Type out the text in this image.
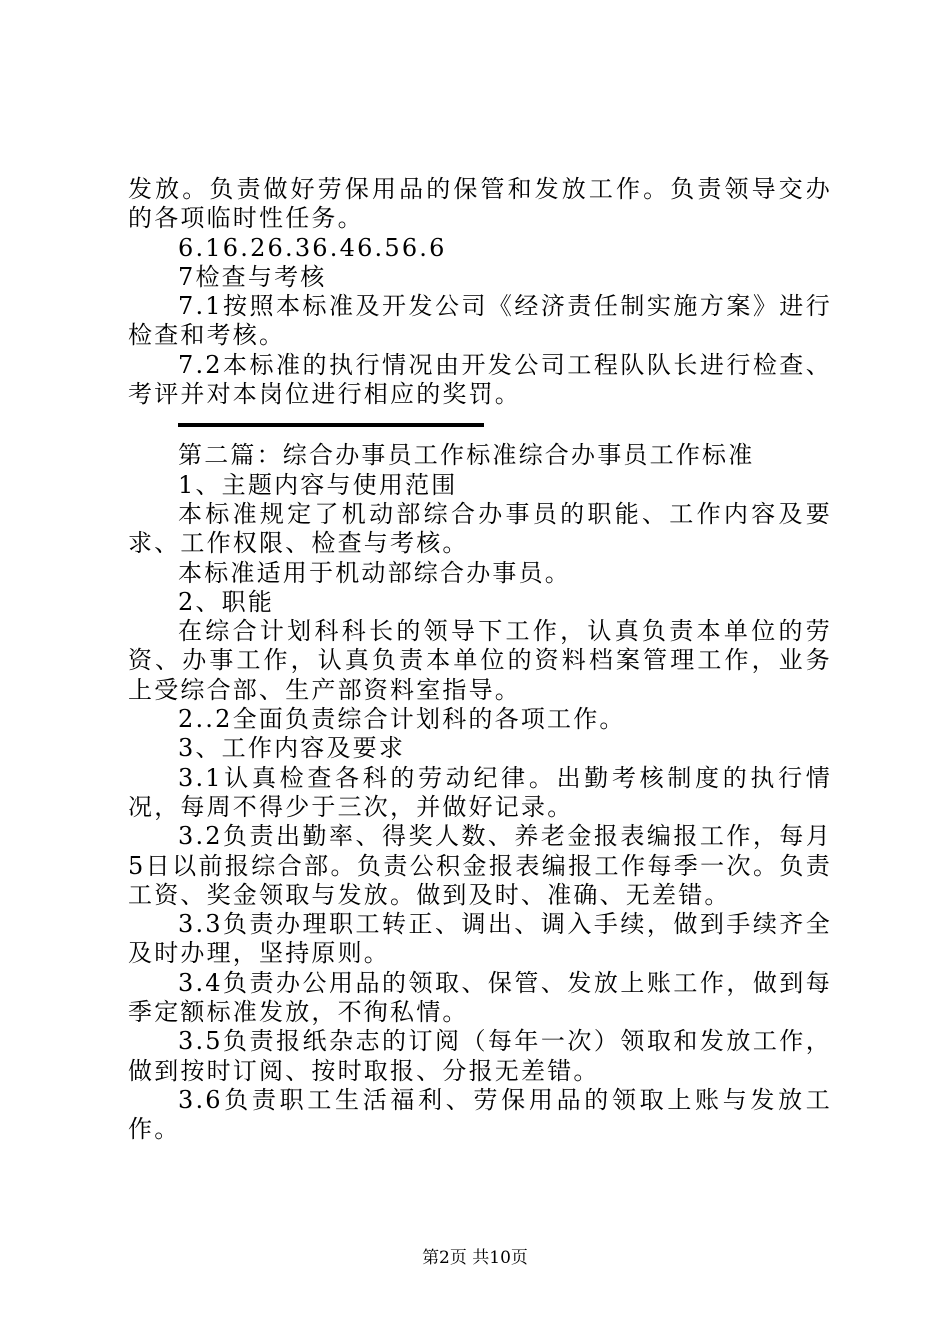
发放。负责做好劳保用品的保管和发放工作。负责领导交办的各项临时性任务。

6.16.26.36.46.56.6

7检查与考核

7.1按照本标准及开发公司《经济责任制实施方案》进行检查和考核。

7.2本标准的执行情况由开发公司工程队队长进行检查、考评并对本岗位进行相应的奖罚。

第二篇：综合办事员工作标准综合办事员工作标准

1、主题内容与使用范围

本标准规定了机动部综合办事员的职能、工作内容及要求、工作权限、检查与考核。

本标准适用于机动部综合办事员。

2、职能

在综合计划科科长的领导下工作，认真负责本单位的劳资、办事工作，认真负责本单位的资料档案管理工作，业务上受综合部、生产部资料室指导。

2..2全面负责综合计划科的各项工作。

3、工作内容及要求

3.1认真检查各科的劳动纪律。出勤考核制度的执行情况，每周不得少于三次，并做好记录。

3.2负责出勤率、得奖人数、养老金报表编报工作，每月5日以前报综合部。负责公积金报表编报工作每季一次。负责工资、奖金领取与发放。做到及时、准确、无差错。

3.3负责办理职工转正、调出、调入手续，做到手续齐全及时办理，坚持原则。

3.4负责办公用品的领取、保管、发放上账工作，做到每季定额标准发放，不徇私情。

3.5负责报纸杂志的订阅（每年一次）领取和发放工作，做到按时订阅、按时取报、分报无差错。

3.6负责职工生活福利、劳保用品的领取上账与发放工作。

第2页 共10页
